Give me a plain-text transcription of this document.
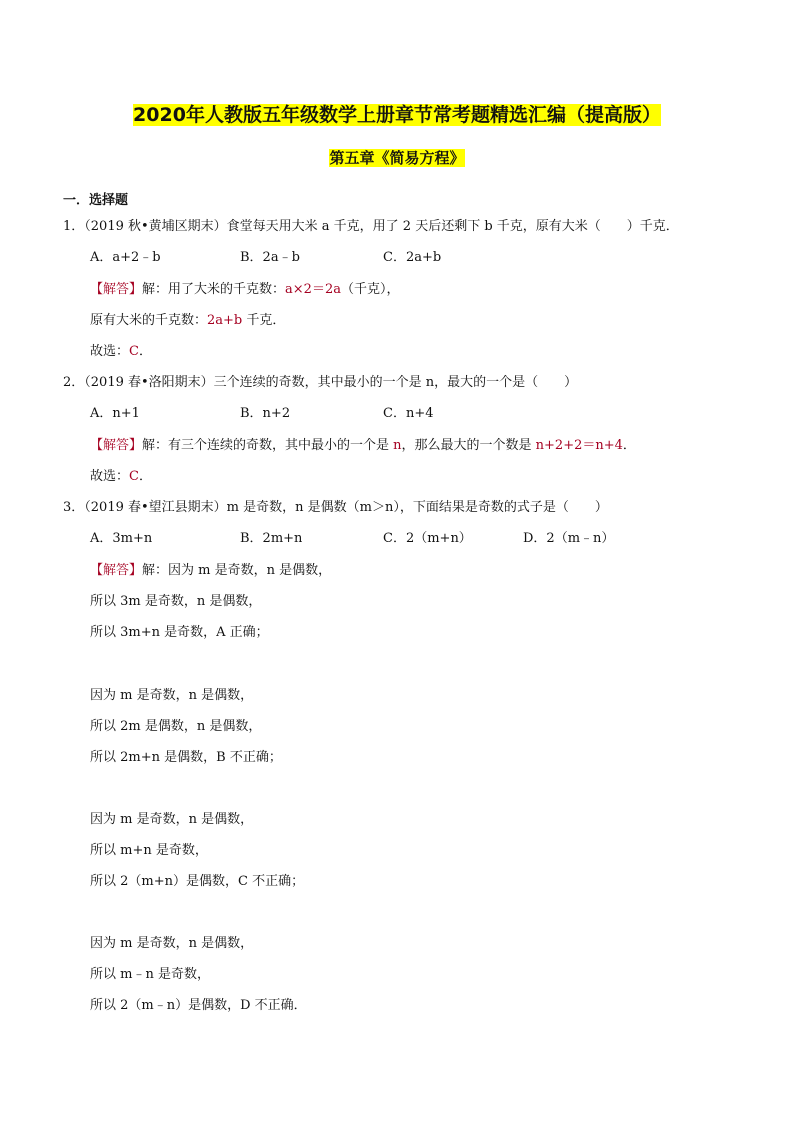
2020年人教版五年级数学上册章节常考题精选汇编（提高版）
第五章《简易方程》
一．选择题
1．（2019 秋•黄埔区期末）食堂每天用大米 a 千克，用了 2 天后还剩下 b 千克，原有大米（　　）千克．
A．a+2﹣b	B．2a﹣b	C．2a+b
【解答】解：用了大米的千克数：a×2＝2a（千克），
原有大米的千克数：2a+b 千克．
故选：C．
2．（2019 春•洛阳期末）三个连续的奇数，其中最小的一个是 n，最大的一个是（　　）
A．n+1	B．n+2	C．n+4
【解答】解：有三个连续的奇数，其中最小的一个是 n，那么最大的一个数是 n+2+2＝n+4．
故选：C．
3．（2019 春•望江县期末）m 是奇数，n 是偶数（m＞n），下面结果是奇数的式子是（　　）
A．3m+n	B．2m+n	C．2（m+n）	D．2（m﹣n）
【解答】解：因为 m 是奇数，n 是偶数，
所以 3m 是奇数，n 是偶数，
所以 3m+n 是奇数，A 正确；
因为 m 是奇数，n 是偶数，
所以 2m 是偶数，n 是偶数，
所以 2m+n 是偶数，B 不正确；
因为 m 是奇数，n 是偶数，
所以 m+n 是奇数，
所以 2（m+n）是偶数，C 不正确；
因为 m 是奇数，n 是偶数，
所以 m﹣n 是奇数，
所以 2（m﹣n）是偶数，D 不正确．
